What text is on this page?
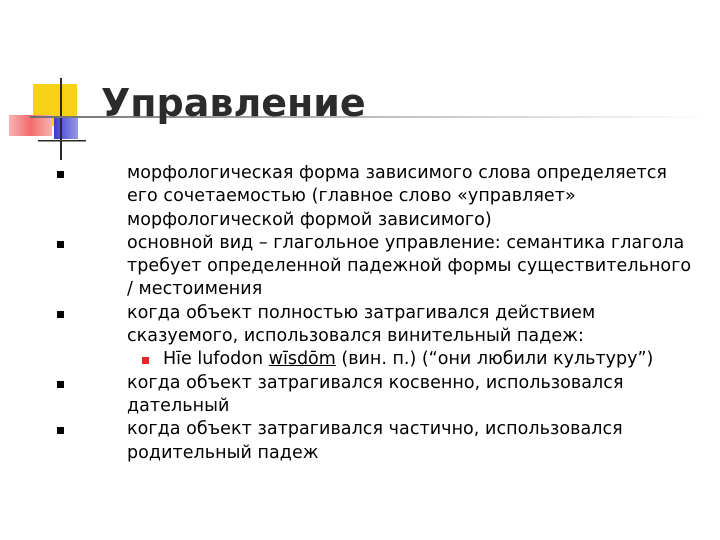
Управление
морфологическая форма зависимого слова определяется его сочетаемостью (главное слово «управляет» морфологической формой зависимого)
основной вид – глагольное управление: семантика глагола требует определенной падежной формы существительного / местоимения
когда объект полностью затрагивался действием сказуемого, использовался винительный падеж:
Hīe lufodon wīsdōm (вин. п.) (“они любили культуру”)
когда объект затрагивался косвенно, использовался дательный
когда объект затрагивался частично, использовался родительный падеж
